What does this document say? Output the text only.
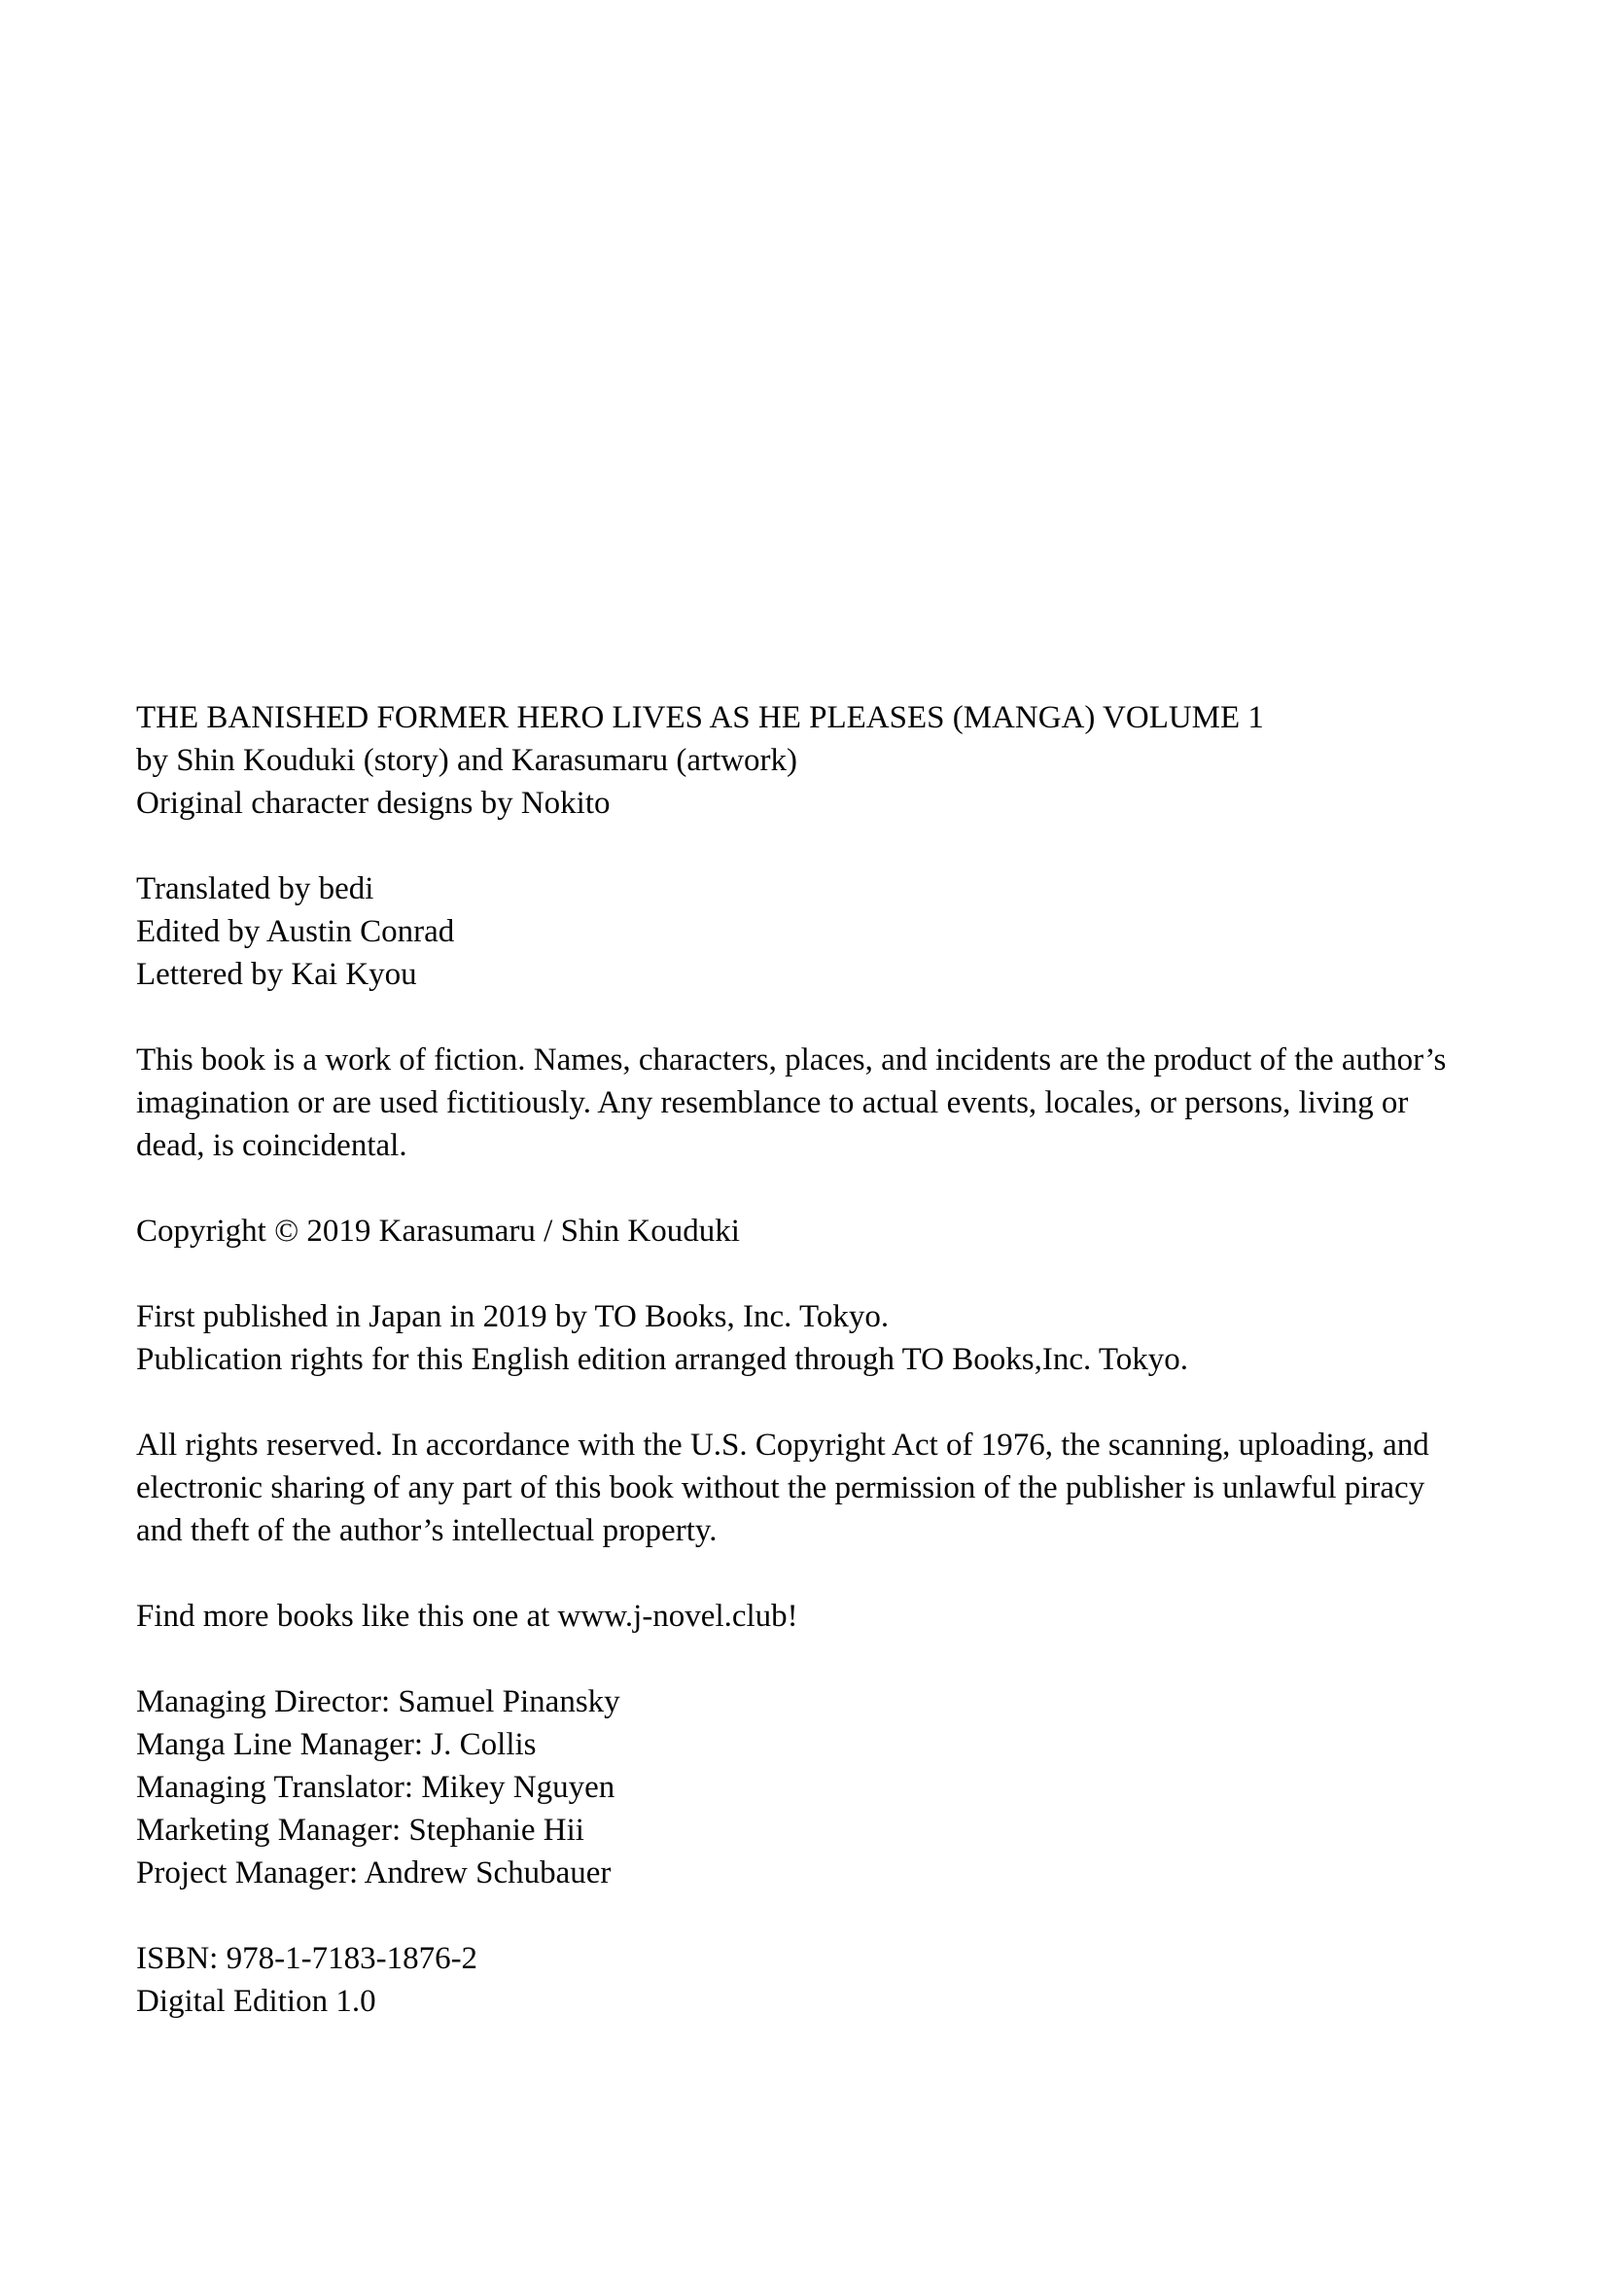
THE BANISHED FORMER HERO LIVES AS HE PLEASES (MANGA) VOLUME 1
by Shin Kouduki (story) and Karasumaru (artwork)
Original character designs by Nokito
Translated by bedi
Edited by Austin Conrad
Lettered by Kai Kyou

This book is a work of fiction. Names, characters, places, and incidents are the product of the author’s imagination or are used fictitiously. Any resemblance to actual events, locales, or persons, living or dead, is coincidental.

Copyright © 2019 Karasumaru / Shin Kouduki

First published in Japan in 2019 by TO Books, Inc. Tokyo.
Publication rights for this English edition arranged through TO Books,Inc. Tokyo.

All rights reserved. In accordance with the U.S. Copyright Act of 1976, the scanning, uploading, and electronic sharing of any part of this book without the permission of the publisher is unlawful piracy and theft of the author’s intellectual property.

Find more books like this one at www.j-novel.club!

Managing Director: Samuel Pinansky
Manga Line Manager: J. Collis
Managing Translator: Mikey Nguyen
Marketing Manager: Stephanie Hii
Project Manager: Andrew Schubauer
ISBN: 978-1-7183-1876-2
Digital Edition 1.0
